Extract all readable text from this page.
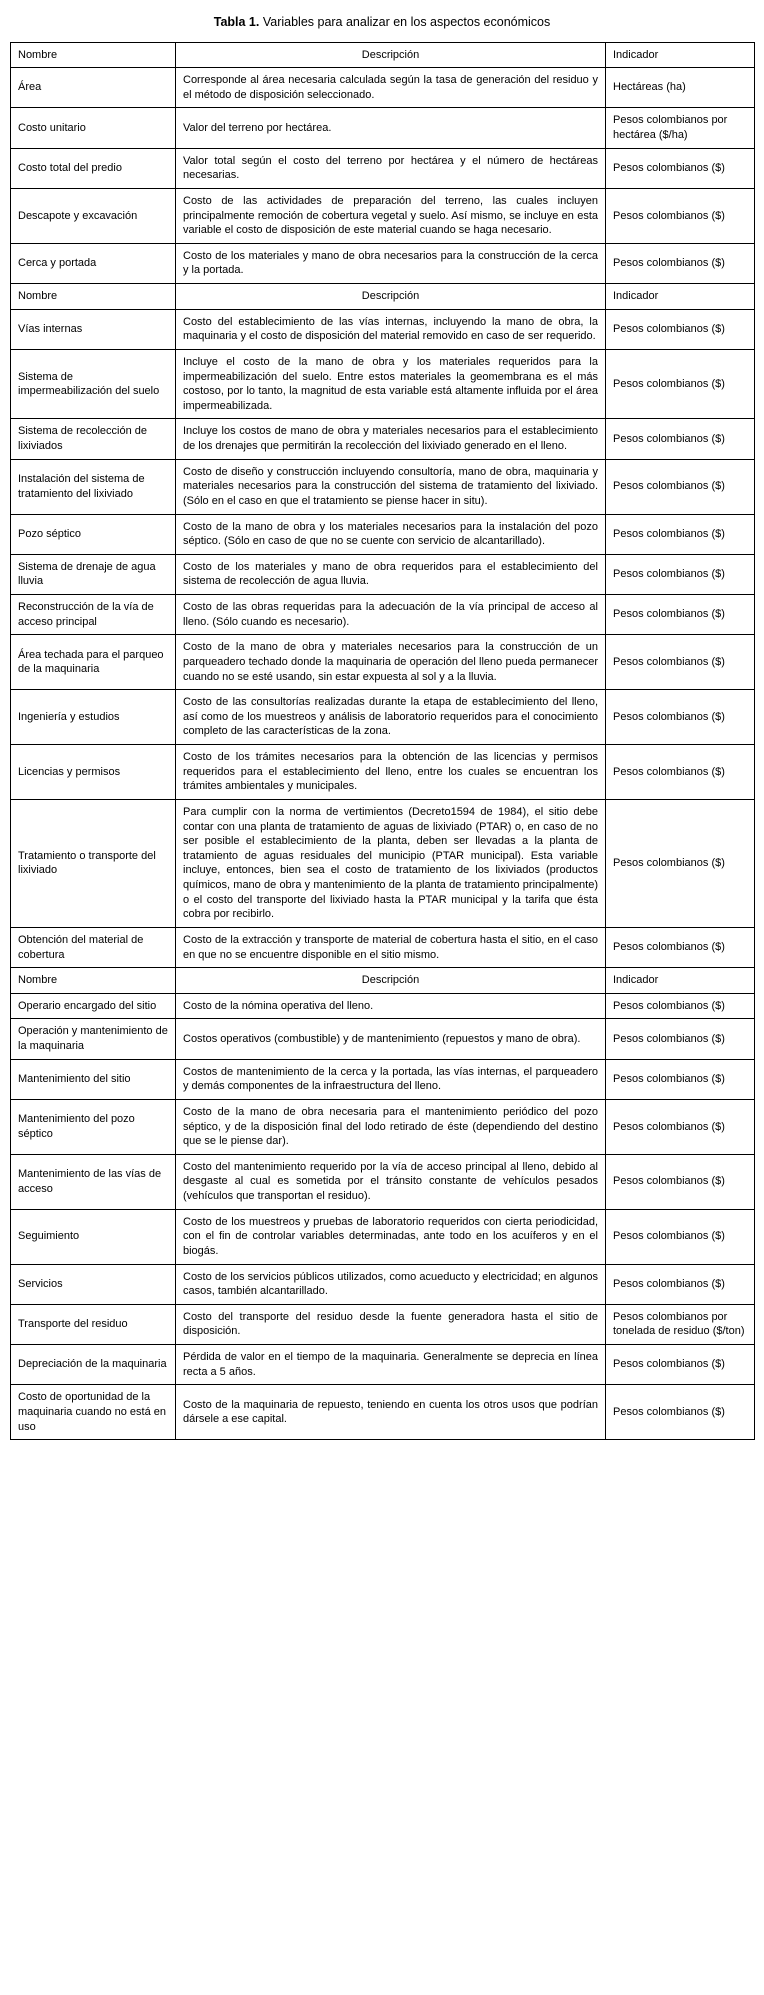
Tabla 1. Variables para analizar en los aspectos económicos
Nombre	Descripción	Indicador
Área	Corresponde al área necesaria calculada según la tasa de generación del residuo y el método de disposición seleccionado.	Hectáreas (ha)
Costo unitario	Valor del terreno por hectárea.	Pesos colombianos por hectárea ($/ha)
Costo total del predio	Valor total según el costo del terreno por hectárea y el número de hectáreas necesarias.	Pesos colombianos ($)
Descapote y excavación	Costo de las actividades de preparación del terreno, las cuales incluyen principalmente remoción de cobertura vegetal y suelo. Así mismo, se incluye en esta variable el costo de disposición de este material cuando se haga necesario.	Pesos colombianos ($)
Cerca y portada	Costo de los materiales y mano de obra necesarios para la construcción de la cerca y la portada.	Pesos colombianos ($)
Nombre	Descripción	Indicador
Vías internas	Costo del establecimiento de las vías internas, incluyendo la mano de obra, la maquinaria y el costo de disposición del material removido en caso de ser requerido.	Pesos colombianos ($)
Sistema de impermeabilización del suelo	Incluye el costo de la mano de obra y los materiales requeridos para la impermeabilización del suelo. Entre estos materiales la geomembrana es el más costoso, por lo tanto, la magnitud de esta variable está altamente influida por el área impermeabilizada.	Pesos colombianos ($)
Sistema de recolección de lixiviados	Incluye los costos de mano de obra y materiales necesarios para el establecimiento de los drenajes que permitirán la recolección del lixiviado generado en el lleno.	Pesos colombianos ($)
Instalación del sistema de tratamiento del lixiviado	Costo de diseño y construcción incluyendo consultoría, mano de obra, maquinaria y materiales necesarios para la construcción del sistema de tratamiento del lixiviado. (Sólo en el caso en que el tratamiento se piense hacer in situ).	Pesos colombianos ($)
Pozo séptico	Costo de la mano de obra y los materiales necesarios para la instalación del pozo séptico. (Sólo en caso de que no se cuente con servicio de alcantarillado).	Pesos colombianos ($)
Sistema de drenaje de agua lluvia	Costo de los materiales y mano de obra requeridos para el establecimiento del sistema de recolección de agua lluvia.	Pesos colombianos ($)
Reconstrucción de la vía de acceso principal	Costo de las obras requeridas para la adecuación de la vía principal de acceso al lleno. (Sólo cuando es necesario).	Pesos colombianos ($)
Área techada para el parqueo de la maquinaria	Costo de la mano de obra y materiales necesarios para la construcción de un parqueadero techado donde la maquinaria de operación del lleno pueda permanecer cuando no se esté usando, sin estar expuesta al sol y a la lluvia.	Pesos colombianos ($)
Ingeniería y estudios	Costo de las consultorías realizadas durante la etapa de establecimiento del lleno, así como de los muestreos y análisis de laboratorio requeridos para el conocimiento completo de las características de la zona.	Pesos colombianos ($)
Licencias y permisos	Costo de los trámites necesarios para la obtención de las licencias y permisos requeridos para el establecimiento del lleno, entre los cuales se encuentran los trámites ambientales y municipales.	Pesos colombianos ($)
Tratamiento o transporte del lixiviado	Para cumplir con la norma de vertimientos (Decreto1594 de 1984), el sitio debe contar con una planta de tratamiento de aguas de lixiviado (PTAR) o, en caso de no ser posible el establecimiento de la planta, deben ser llevadas a la planta de tratamiento de aguas residuales del municipio (PTAR municipal). Esta variable incluye, entonces, bien sea el costo de tratamiento de los lixiviados (productos químicos, mano de obra y mantenimiento de la planta de tratamiento principalmente) o el costo del transporte del lixiviado hasta la PTAR municipal y la tarifa que ésta cobra por recibirlo.	Pesos colombianos ($)
Obtención del material de cobertura	Costo de la extracción y transporte de material de cobertura hasta el sitio, en el caso en que no se encuentre disponible en el sitio mismo.	Pesos colombianos ($)
Nombre	Descripción	Indicador
Operario encargado del sitio	Costo de la nómina operativa del lleno.	Pesos colombianos ($)
Operación y mantenimiento de la maquinaria	Costos operativos (combustible) y de mantenimiento (repuestos y mano de obra).	Pesos colombianos ($)
Mantenimiento del sitio	Costos de mantenimiento de la cerca y la portada, las vías internas, el parqueadero y demás componentes de la infraestructura del lleno.	Pesos colombianos ($)
Mantenimiento del pozo séptico	Costo de la mano de obra necesaria para el mantenimiento periódico del pozo séptico, y de la disposición final del lodo retirado de éste (dependiendo del destino que se le piense dar).	Pesos colombianos ($)
Mantenimiento de las vías de acceso	Costo del mantenimiento requerido por la vía de acceso principal al lleno, debido al desgaste al cual es sometida por el tránsito constante de vehículos pesados (vehículos que transportan el residuo).	Pesos colombianos ($)
Seguimiento	Costo de los muestreos y pruebas de laboratorio requeridos con cierta periodicidad, con el fin de controlar variables determinadas, ante todo en los acuíferos y en el biogás.	Pesos colombianos ($)
Servicios	Costo de los servicios públicos utilizados, como acueducto y electricidad; en algunos casos, también alcantarillado.	Pesos colombianos ($)
Transporte del residuo	Costo del transporte del residuo desde la fuente generadora hasta el sitio de disposición.	Pesos colombianos por tonelada de residuo ($/ton)
Depreciación de la maquinaria	Pérdida de valor en el tiempo de la maquinaria. Generalmente se deprecia en línea recta a 5 años.	Pesos colombianos ($)
Costo de oportunidad de la maquinaria cuando no está en uso	Costo de la maquinaria de repuesto, teniendo en cuenta los otros usos que podrían dársele a ese capital.	Pesos colombianos ($)
